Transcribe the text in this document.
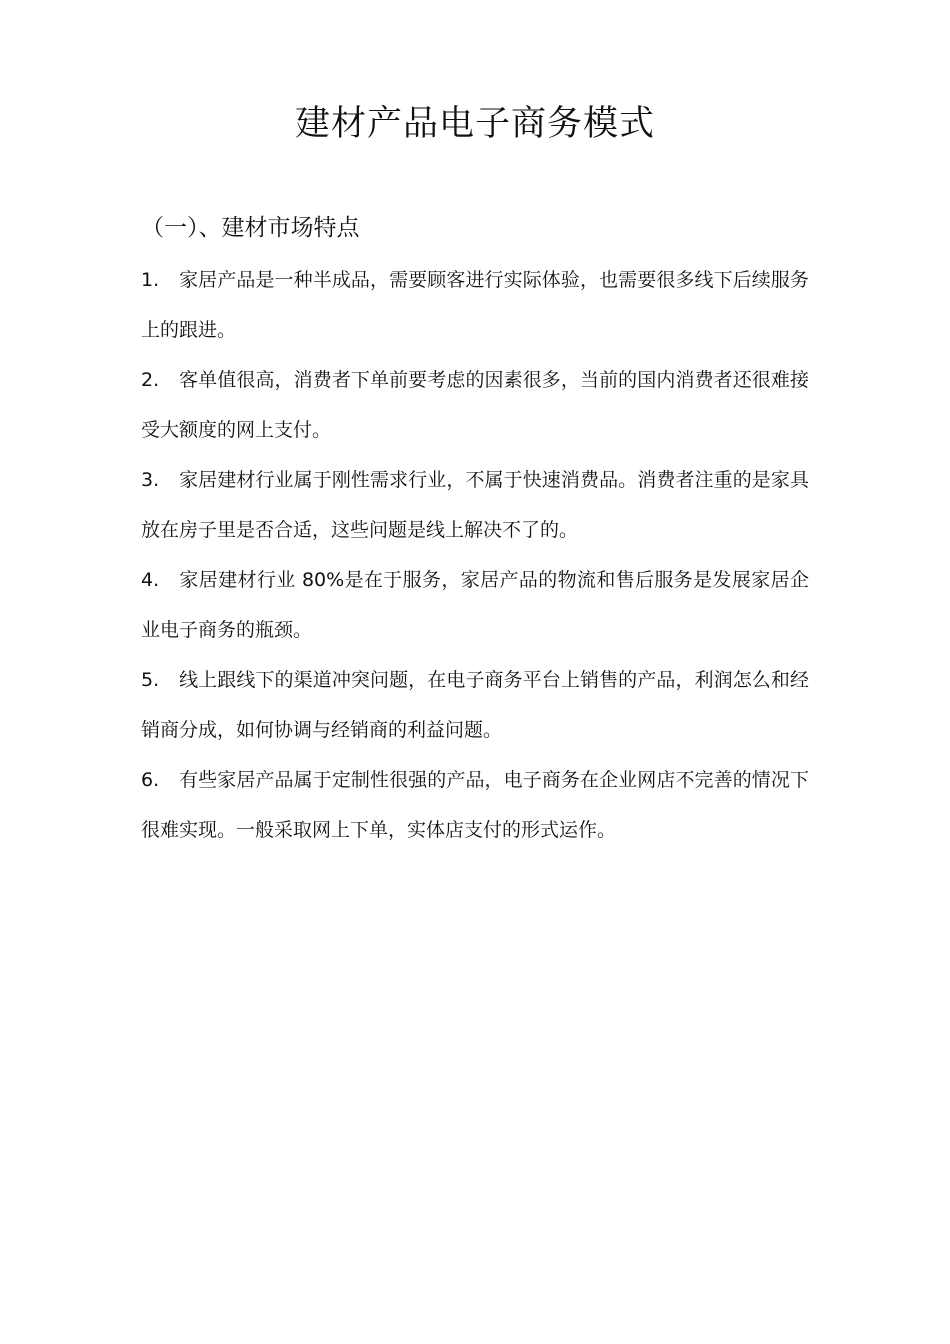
建材产品电子商务模式
（一）、建材市场特点

1. 家居产品是一种半成品，需要顾客进行实际体验，也需要很多线下后续服务上的跟进。

2. 客单值很高，消费者下单前要考虑的因素很多，当前的国内消费者还很难接受大额度的网上支付。

3. 家居建材行业属于刚性需求行业，不属于快速消费品。消费者注重的是家具放在房子里是否合适，这些问题是线上解决不了的。

4. 家居建材行业 80%是在于服务，家居产品的物流和售后服务是发展家居企业电子商务的瓶颈。

5. 线上跟线下的渠道冲突问题，在电子商务平台上销售的产品，利润怎么和经销商分成，如何协调与经销商的利益问题。

6. 有些家居产品属于定制性很强的产品，电子商务在企业网店不完善的情况下很难实现。一般采取网上下单，实体店支付的形式运作。
